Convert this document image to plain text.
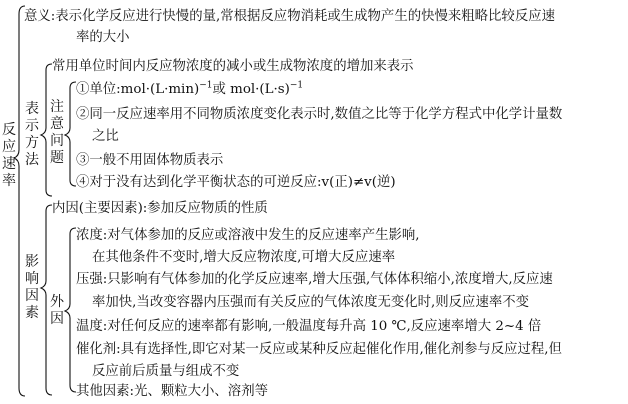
反应速率
意义:表示化学反应进行快慢的量,常根据反应物消耗或生成物产生的快慢来粗略比较反应速
率的大小
表示方法
常用单位时间内反应物浓度的减小或生成物浓度的增加来表示
注意问题
①单位$:mol\cdot(L\cdot\min)^{-1}$或 $mol\cdot(L\cdot s)^{-1}$
②同一反应速率用不同物质浓度变化表示时,数值之比等于化学方程式中化学计量数
之比
③一般不用固体物质表示
④对于没有达到化学平衡状态的可逆反应:v(正)≠v(逆)
影响因素
内因(主要因素):参加反应物质的性质
外因
浓度:对气体参加的反应或溶液中发生的反应速率产生影响,
在其他条件不变时,增大反应物浓度,可增大反应速率
压强:只影响有气体参加的化学反应速率,增大压强,气体体积缩小,浓度增大,反应速
率加快,当改变容器内压强而有关反应的气体浓度无变化时,则反应速率不变
温度:对任何反应的速率都有影响,一般温度每升高 10 ℃,反应速率增大 2~4 倍
催化剂:具有选择性,即它对某一反应或某种反应起催化作用,催化剂参与反应过程,但
反应前后质量与组成不变
其他因素:光、颗粒大小、溶剂等
